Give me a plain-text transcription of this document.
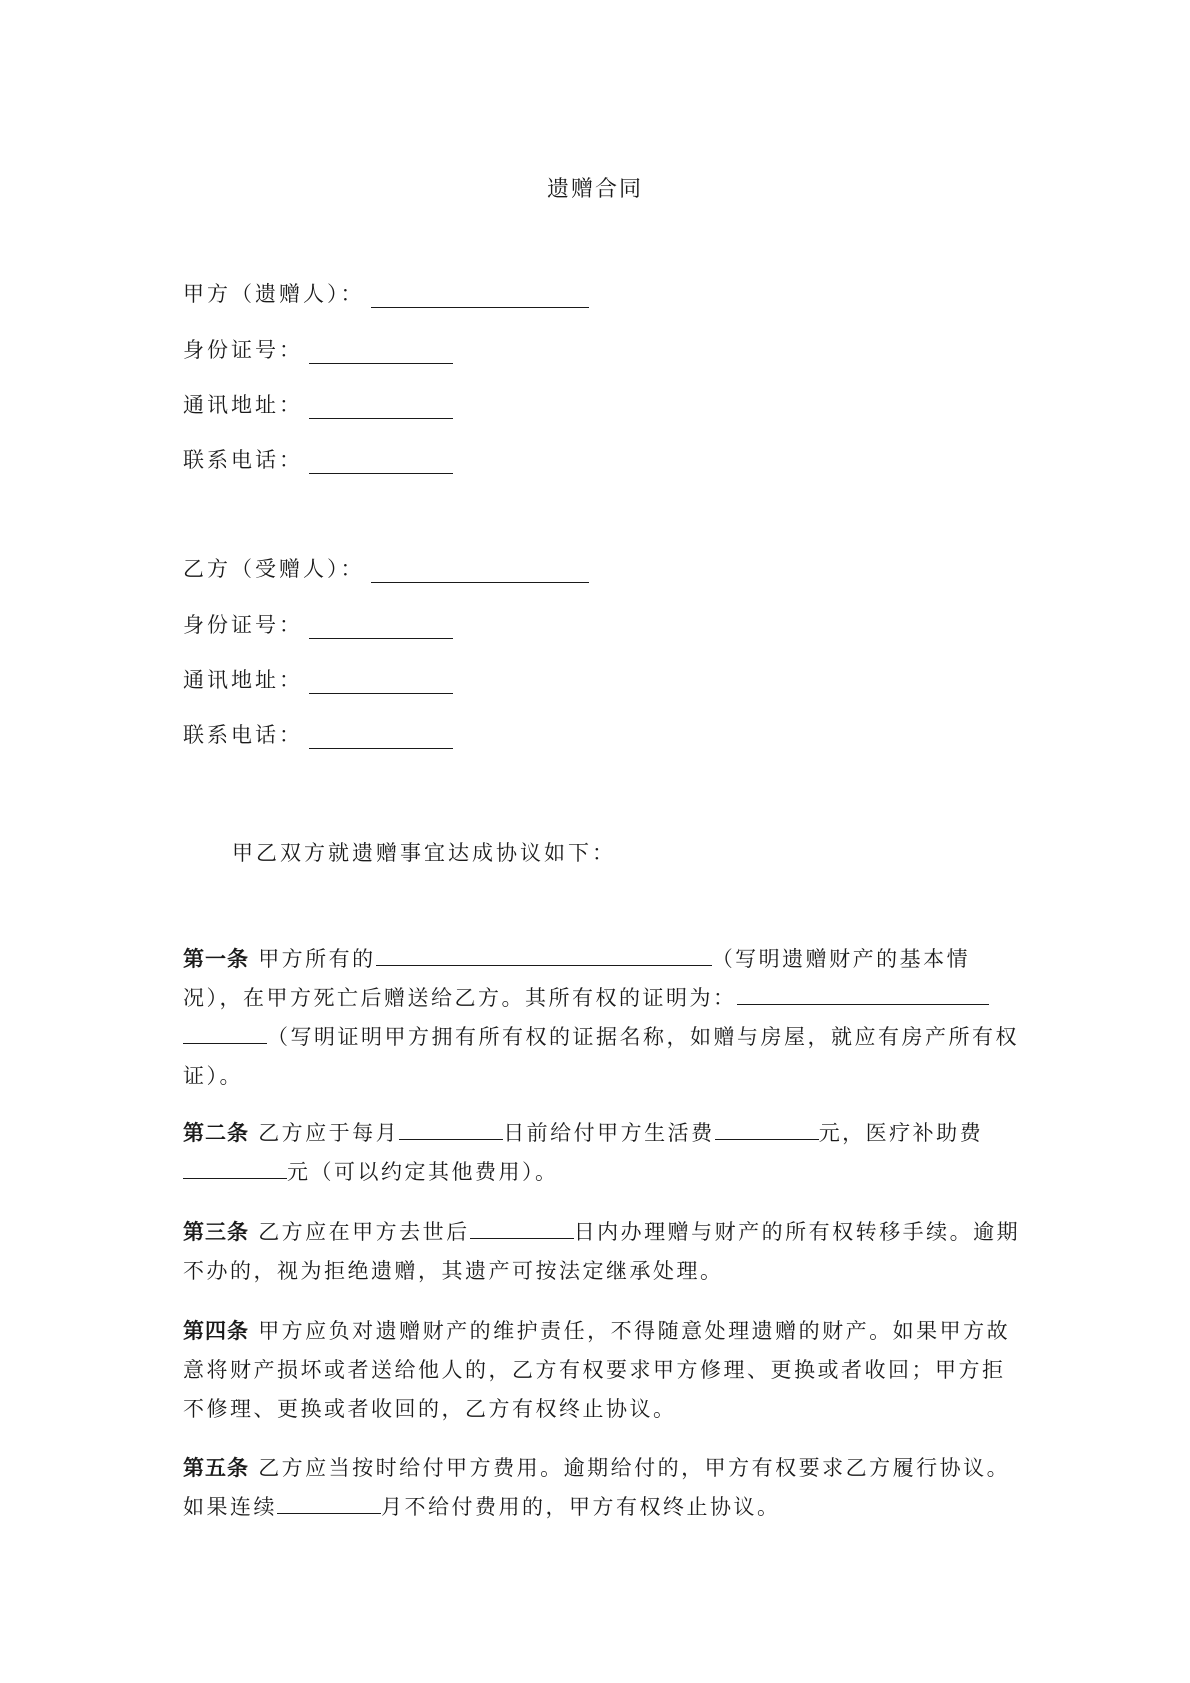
遗赠合同
甲方（遗赠人）：
身份证号：
通讯地址：
联系电话：
乙方（受赠人）：
身份证号：
通讯地址：
联系电话：
甲乙双方就遗赠事宜达成协议如下：
第一条 甲方所有的	（写明遗赠财产的基本情况），在甲方死亡后赠送给乙方。其所有权的证明为：（写明证明甲方拥有所有权的证据名称，如赠与房屋，就应有房产所有权证）。
第二条 乙方应于每月	日前给付甲方生活费	元，医疗补助费元（可以约定其他费用）。
第三条 乙方应在甲方去世后	日内办理赠与财产的所有权转移手续。逾期不办的，视为拒绝遗赠，其遗产可按法定继承处理。
第四条 甲方应负对遗赠财产的维护责任，不得随意处理遗赠的财产。如果甲方故意将财产损坏或者送给他人的，乙方有权要求甲方修理、更换或者收回；甲方拒不修理、更换或者收回的，乙方有权终止协议。
第五条 乙方应当按时给付甲方费用。逾期给付的，甲方有权要求乙方履行协议。如果连续	月不给付费用的，甲方有权终止协议。
